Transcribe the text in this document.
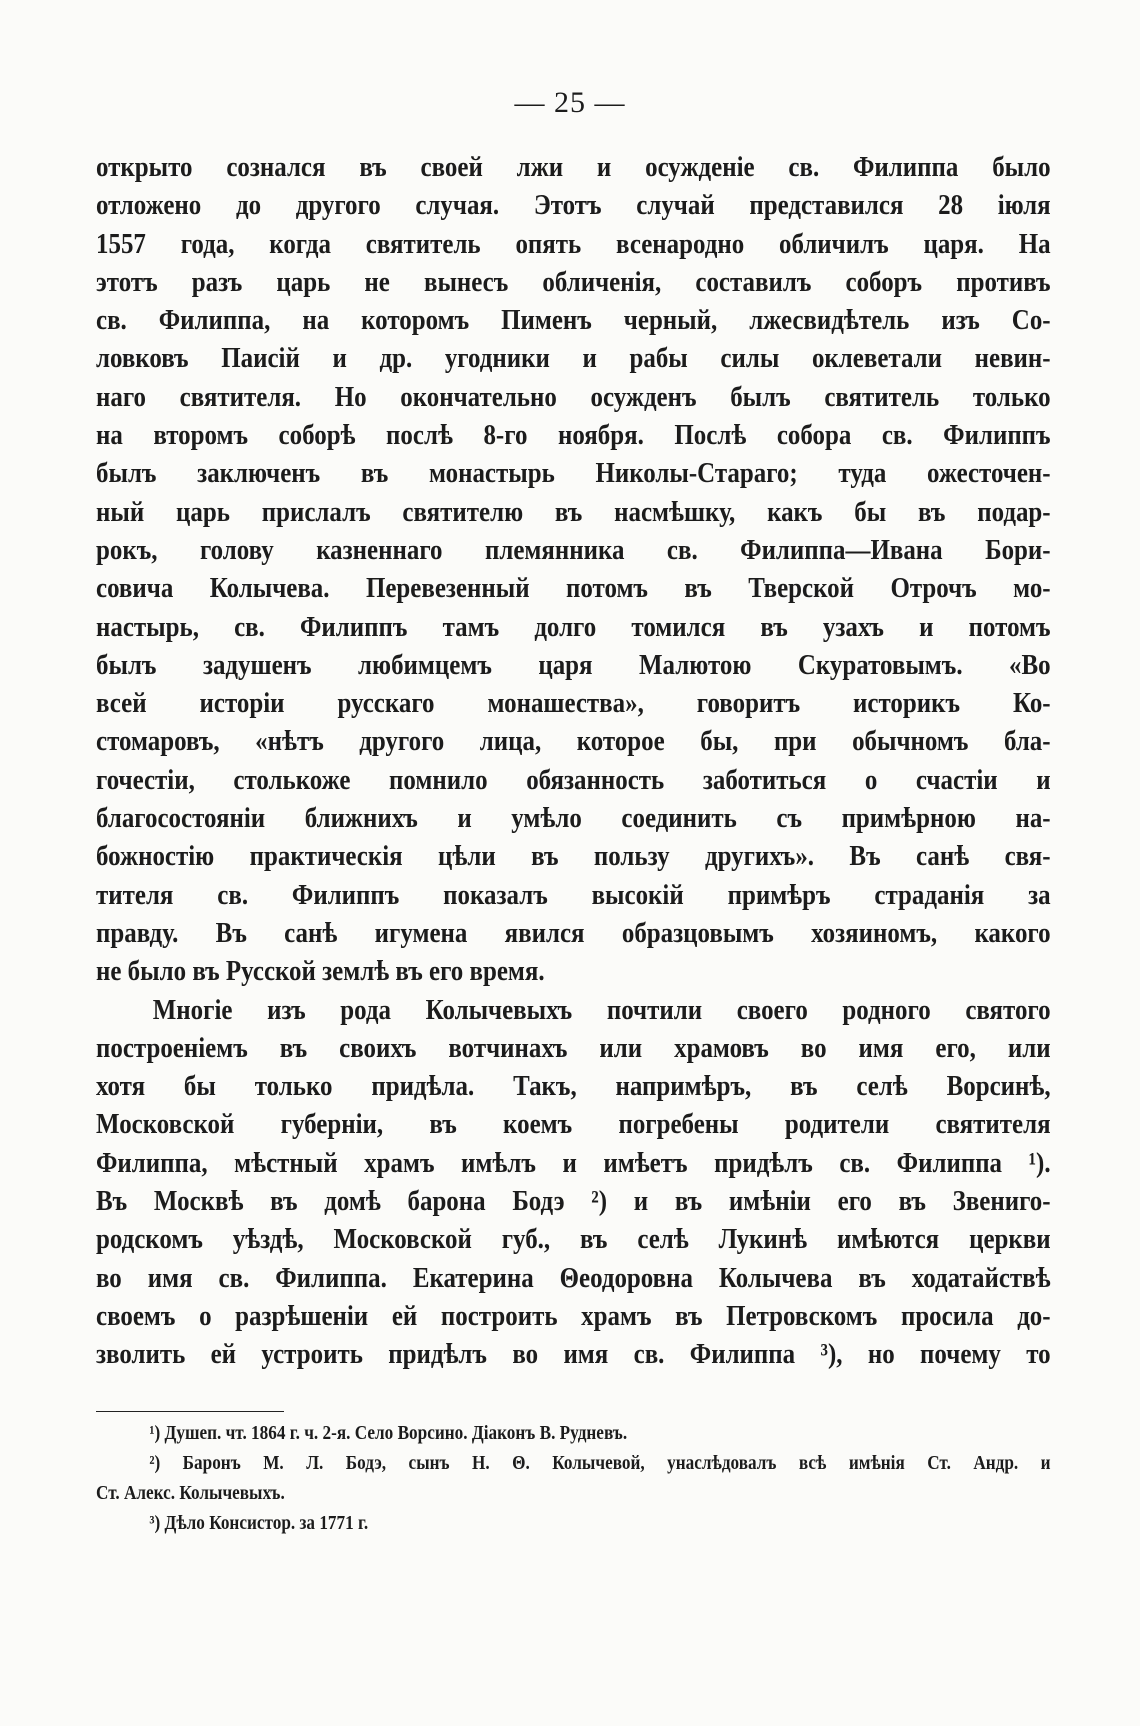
— 25 —
открыто сознался въ своей лжи и осужденіе св. Филиппа было
отложено до другого случая. Этотъ случай представился 28 іюля
1557 года, когда святитель опять всенародно обличилъ царя. На
этотъ разъ царь не вынесъ обличенія, составилъ соборъ противъ
св. Филиппа, на которомъ Пименъ черный, лжесвидѣтель изъ Со-
ловковъ Паисій и др. угодники и рабы силы оклеветали невин-
наго святителя. Но окончательно осужденъ былъ святитель только
на второмъ соборѣ послѣ 8-го ноября. Послѣ собора св. Филиппъ
былъ заключенъ въ монастырь Николы-Стараго; туда ожесточен-
ный царь прислалъ святителю въ насмѣшку, какъ бы въ подар-
рокъ, голову казненнаго племянника св. Филиппа—Ивана Бори-
совича Колычева. Перевезенный потомъ въ Тверской Отрочъ мо-
настырь, св. Филиппъ тамъ долго томился въ узахъ и потомъ
былъ задушенъ любимцемъ царя Малютою Скуратовымъ. «Во
всей исторіи русскаго монашества», говоритъ историкъ Ко-
стомаровъ, «нѣтъ другого лица, которое бы, при обычномъ бла-
гочестіи, столькоже помнило обязанность заботиться о счастіи и
благосостояніи ближнихъ и умѣло соединить съ примѣрною на-
божностію практическія цѣли въ пользу другихъ». Въ санѣ свя-
тителя св. Филиппъ показалъ высокій примѣръ страданія за
правду. Въ санѣ игумена явился образцовымъ хозяиномъ, какого
не было въ Русской землѣ въ его время.
Многіе изъ рода Колычевыхъ почтили своего родного святого
построеніемъ въ своихъ вотчинахъ или храмовъ во имя его, или
хотя бы только придѣла. Такъ, напримѣръ, въ селѣ Ворсинѣ,
Московской губерніи, въ коемъ погребены родители святителя
Филиппа, мѣстный храмъ имѣлъ и имѣетъ придѣлъ св. Филиппа ¹).
Въ Москвѣ въ домѣ барона Бодэ ²) и въ имѣніи его въ Звениго-
родскомъ уѣздѣ, Московской губ., въ селѣ Лукинѣ имѣются церкви
во имя св. Филиппа. Екатерина Θеодоровна Колычева въ ходатайствѣ
своемъ о разрѣшеніи ей построить храмъ въ Петровскомъ просила до-
зволить ей устроить придѣлъ во имя св. Филиппа ³), но почему то
¹) Душеп. чт. 1864 г. ч. 2-я. Село Ворсино. Діаконъ В. Рудневъ.
²) Баронъ М. Л. Бодэ, сынъ Н. Θ. Колычевой, унаслѣдовалъ всѣ имѣнія Ст. Андр. и
Ст. Алекс. Колычевыхъ.
³) Дѣло Консистор. за 1771 г.
